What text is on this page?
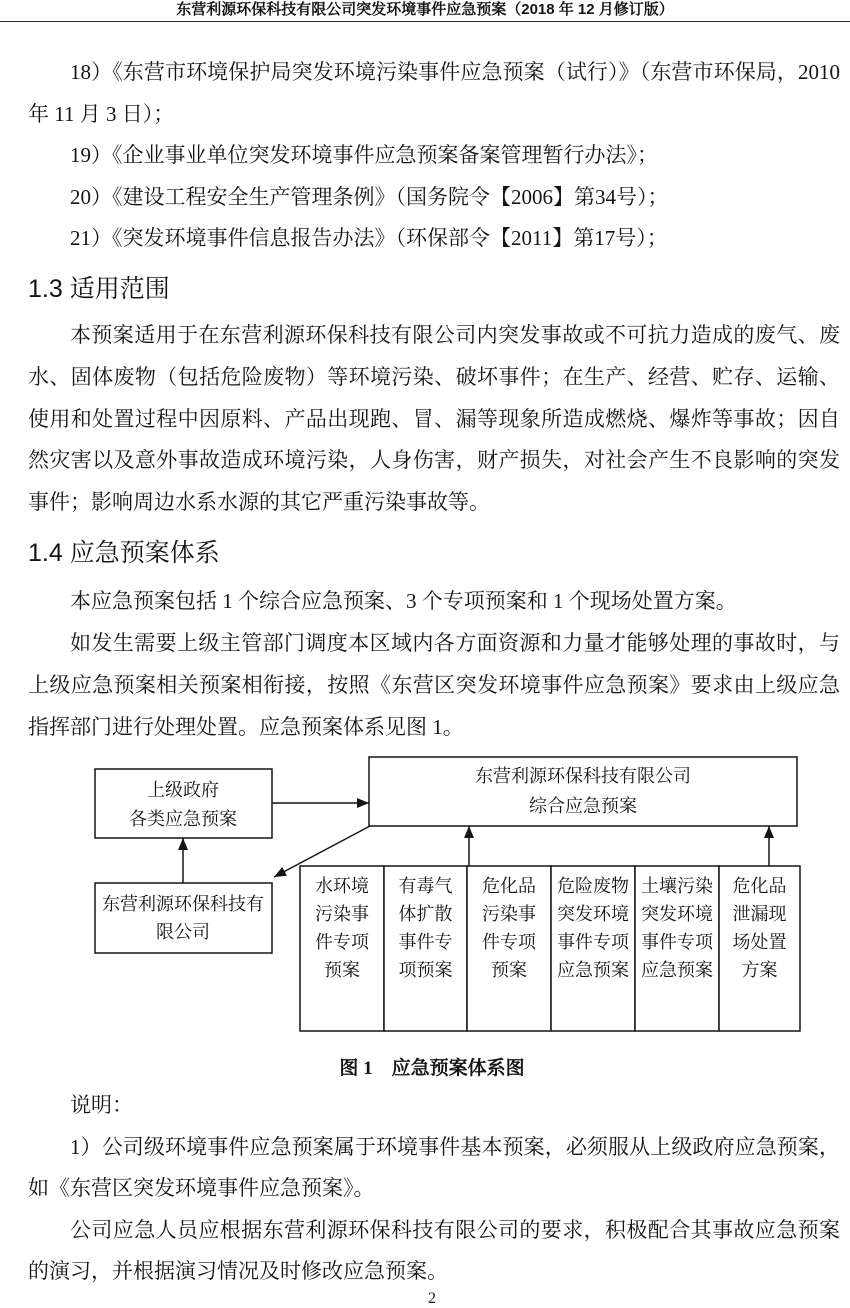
东营利源环保科技有限公司突发环境事件应急预案（2018 年 12 月修订版）

18）《东营市环境保护局突发环境污染事件应急预案（试行）》（东营市环保局，2010 年 11 月 3 日）；

19）《企业事业单位突发环境事件应急预案备案管理暂行办法》；

20）《建设工程安全生产管理条例》（国务院令【2006】第34号）；

21）《突发环境事件信息报告办法》（环保部令【2011】第17号）；

1.3 适用范围

本预案适用于在东营利源环保科技有限公司内突发事故或不可抗力造成的废气、废水、固体废物（包括危险废物）等环境污染、破坏事件；在生产、经营、贮存、运输、使用和处置过程中因原料、产品出现跑、冒、漏等现象所造成燃烧、爆炸等事故；因自然灾害以及意外事故造成环境污染，人身伤害，财产损失，对社会产生不良影响的突发事件；影响周边水系水源的其它严重污染事故等。

1.4 应急预案体系

本应急预案包括 1 个综合应急预案、3 个专项预案和 1 个现场处置方案。

如发生需要上级主管部门调度本区域内各方面资源和力量才能够处理的事故时，与上级应急预案相关预案相衔接，按照《东营区突发环境事件应急预案》要求由上级应急指挥部门进行处理处置。应急预案体系见图 1。

上级政府
各类应急预案
东营利源环保科技有限公司
综合应急预案
东营利源环保科技有
限公司
水环境
污染事
件专项
预案
有毒气
体扩散
事件专
项预案
危化品
污染事
件专项
预案
危险废物
突发环境
事件专项
应急预案
土壤污染
突发环境
事件专项
应急预案
危化品
泄漏现
场处置
方案

图 1　应急预案体系图

说明：

1）公司级环境事件应急预案属于环境事件基本预案，必须服从上级政府应急预案，如《东营区突发环境事件应急预案》。

公司应急人员应根据东营利源环保科技有限公司的要求，积极配合其事故应急预案的演习，并根据演习情况及时修改应急预案。

2
